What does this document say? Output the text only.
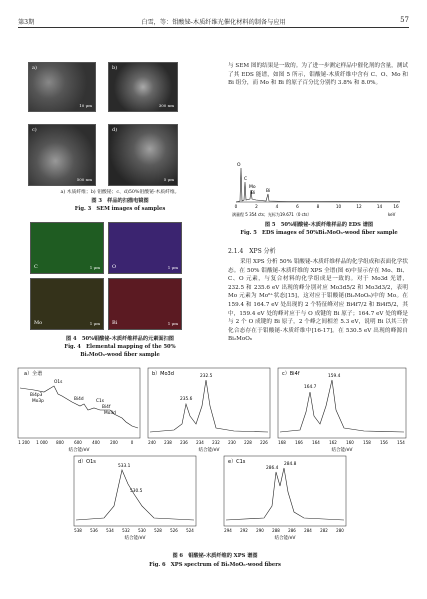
第3期	白雪，等：钼酸铋-木质纤维光催化材料的制备与应用	57
a)
10 μm
b)
300 nm
c)
500 nm
d)
5 μm
a) 木质纤维；b) 钼酸铋；c、d)50%钼酸铋-木质纤维。
图 3　样品的扫描电镜图
Fig. 3　SEM images of samples
C	1 μm O	1 μm
Mo	1 μm Bi	1 μm
图 4　50%钼酸铋-木质纤维样品的元素面扫图
Fig. 4　Elemental mapping of the 50%
Bi₂MoO₆-wood fiber sample
与 SEM 图的结果是一致的。为了进一步测定样品中催化剂的含量，测试了其 EDS 能谱，如图 5 所示，钼酸铋-木质纤维中含有 C、O、Mo 和 Bi 组分，而 Mo 和 Bi 的原子百分比分别约 3.8% 和 8.0%。
O
C
Mo
Bi Bi
0	2	4	6	8	10	12	14	16
满量程 5 354 cts；光标为19.671（0 cts）	keV
图 5　50%钼酸铋-木质纤维样品的 EDS 谱图
Fig. 5　EDS images of 50%Bi₂MoO₆-wood fiber sample
2.1.4　XPS 分析
采用 XPS 分析 50% 钼酸铋-木质纤维样品的化学组成和表面化学状态。在 50% 钼酸铋-木质纤维的 XPS 全谱(图 6)中显示存在 Mo、Bi、C、O 元素，与复合材料的化学组成是一致的。对于 Mo3d 光谱，232.5 和 235.6 eV 出现的峰分别对应 Mo3d5/2 和 Mo3d3/2，表明 Mo 元素为 Mo⁶⁺状态[15]，这对应于钼酸铋(Bi₂MoO₆)中的 Mo。在 159.4 和 164.7 eV 处出现的 2 个特征峰对应 Bi4f7/2 和 Bi4f5/2，其中，159.4 eV 处的峰对应于与 O 成键的 Bi 原子；164.7 eV 处的峰是与 2 个 O 成键的 Bi 原子，2 个峰之间相差 5.3 eV，说明 Bi 以其三价化合态存在于钼酸铋-木质纤维中[16-17]。在 530.5 eV 出现的峰源自 Bi₂MoO₆
a）全谱
O1s
Bi4p3
Mo3p	Bi4d	C1s
Bi4f
Mo3d
1 200 1 000 800	600	400	200	0
结合能/eV
b）Mo3d
235.6
232.5
240 238 236 234 232 230 228 226
结合能/eV
c）Bi4f
164.7
159.4
168 166 164 162 160 158 156 154
结合能/eV
d）O1s
533.1
530.5
538 536 534 532 530 528 526 524
结合能/eV
e）C1s
286.4
284.8
294 292 290 288 286 284 282 280
结合能/eV
图 6　钼酸铋-木质纤维的 XPS 谱图
Fig. 6　XPS spectrum of Bi₂MoO₆-wood fibers
